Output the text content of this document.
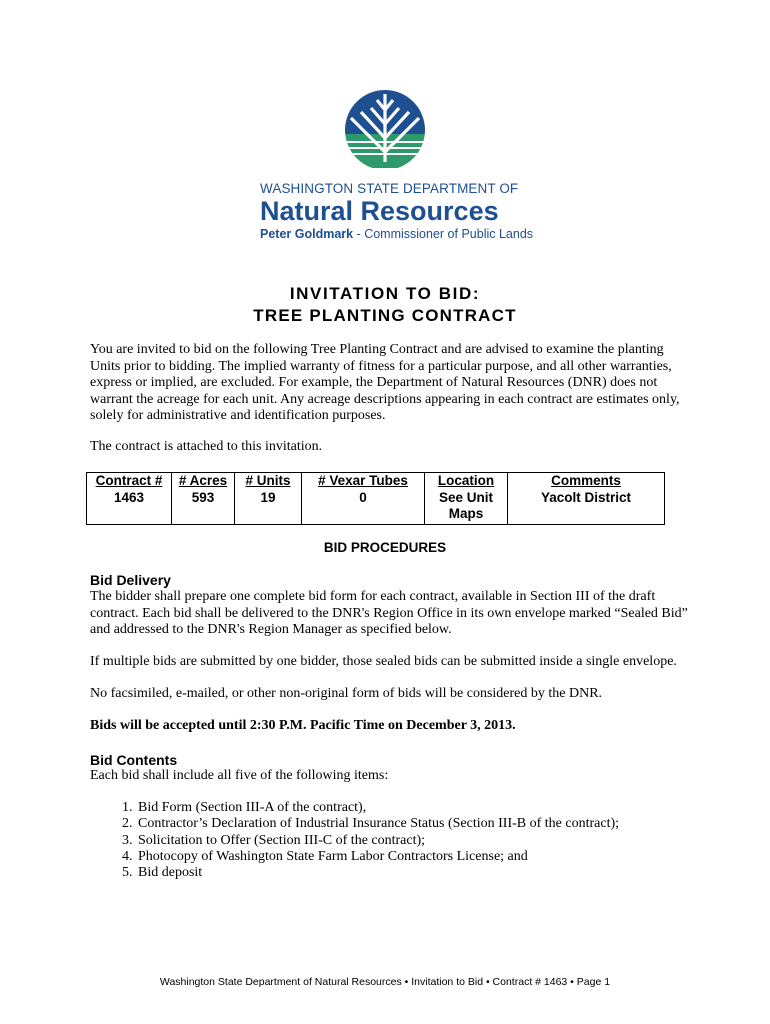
WASHINGTON STATE DEPARTMENT OF
Natural Resources
Peter Goldmark - Commissioner of Public Lands
INVITATION TO BID:
TREE PLANTING CONTRACT
You are invited to bid on the following Tree Planting Contract and are advised to examine the planting Units prior to bidding. The implied warranty of fitness for a particular purpose, and all other warranties, express or implied, are excluded. For example, the Department of Natural Resources (DNR) does not warrant the acreage for each unit. Any acreage descriptions appearing in each contract are estimates only, solely for administrative and identification purposes.
The contract is attached to this invitation.
Contract #	# Acres	# Units	# Vexar Tubes	Location	Comments
1463	593	19	0	See Unit Maps	Yacolt District
BID PROCEDURES
Bid Delivery
The bidder shall prepare one complete bid form for each contract, available in Section III of the draft contract. Each bid shall be delivered to the DNR's Region Office in its own envelope marked “Sealed Bid” and addressed to the DNR's Region Manager as specified below.
If multiple bids are submitted by one bidder, those sealed bids can be submitted inside a single envelope.
No facsimiled, e-mailed, or other non-original form of bids will be considered by the DNR.
Bids will be accepted until 2:30 P.M. Pacific Time on December 3, 2013.
Bid Contents
Each bid shall include all five of the following items:
1. Bid Form (Section III-A of the contract),
2. Contractor’s Declaration of Industrial Insurance Status (Section III-B of the contract);
3. Solicitation to Offer (Section III-C of the contract);
4. Photocopy of Washington State Farm Labor Contractors License; and
5. Bid deposit
Washington State Department of Natural Resources • Invitation to Bid • Contract # 1463 • Page 1
